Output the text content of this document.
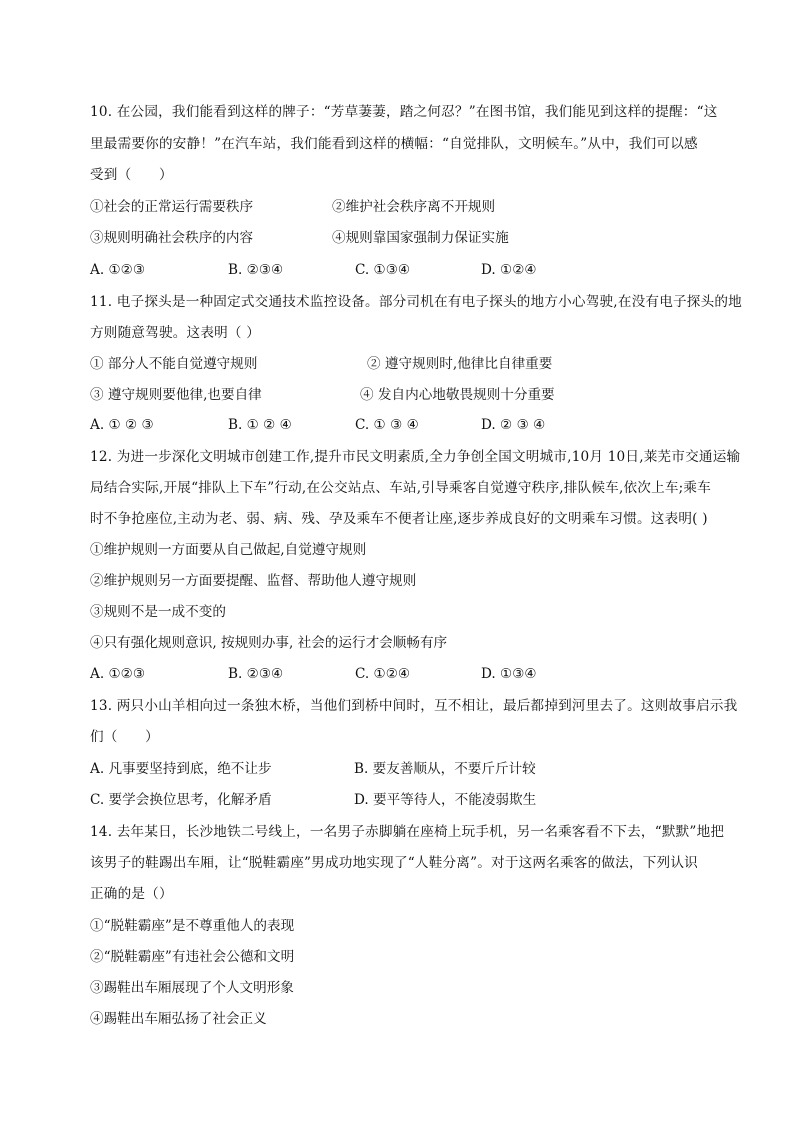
10. 在公园，我们能看到这样的牌子：“芳草萋萋，踏之何忍？”在图书馆，我们能见到这样的提醒：“这
里最需要你的安静！”在汽车站，我们能看到这样的横幅：“自觉排队，文明候车。”从中，我们可以感
受到（　　）
①社会的正常运行需要秩序	②维护社会秩序离不开规则
③规则明确社会秩序的内容	④规则靠国家强制力保证实施
A. ①②③	B. ②③④	C. ①③④	D. ①②④
11. 电子探头是一种固定式交通技术监控设备。部分司机在有电子探头的地方小心驾驶,在没有电子探头的地
方则随意驾驶。这表明（ ）
① 部分人不能自觉遵守规则	② 遵守规则时,他律比自律重要
③ 遵守规则要他律,也要自律	④ 发自内心地敬畏规则十分重要
A. ① ② ③	B. ① ② ④	C. ① ③ ④	D. ② ③ ④
12. 为进一步深化文明城市创建工作,提升市民文明素质,全力争创全国文明城市,10月 10日,莱芜市交通运输
局结合实际,开展“排队上下车”行动,在公交站点、车站,引导乘客自觉遵守秩序,排队候车,依次上车;乘车
时不争抢座位,主动为老、弱、病、残、孕及乘车不便者让座,逐步养成良好的文明乘车习惯。这表明( )
①维护规则一方面要从自己做起,自觉遵守规则
②维护规则另一方面要提醒、监督、帮助他人遵守规则
③规则不是一成不变的
④只有强化规则意识, 按规则办事, 社会的运行才会顺畅有序
A. ①②③	B. ②③④	C. ①②④	D. ①③④
13. 两只小山羊相向过一条独木桥，当他们到桥中间时，互不相让，最后都掉到河里去了。这则故事启示我
们（　　）
A. 凡事要坚持到底，绝不让步	B. 要友善顺从，不要斤斤计较
C. 要学会换位思考，化解矛盾	D. 要平等待人，不能凌弱欺生
14. 去年某日，长沙地铁二号线上，一名男子赤脚躺在座椅上玩手机，另一名乘客看不下去，“默默”地把
该男子的鞋踢出车厢，让“脱鞋霸座”男成功地实现了“人鞋分离”。对于这两名乘客的做法，下列认识
正确的是（）
①“脱鞋霸座”是不尊重他人的表现
②“脱鞋霸座”有违社会公德和文明
③踢鞋出车厢展现了个人文明形象
④踢鞋出车厢弘扬了社会正义
